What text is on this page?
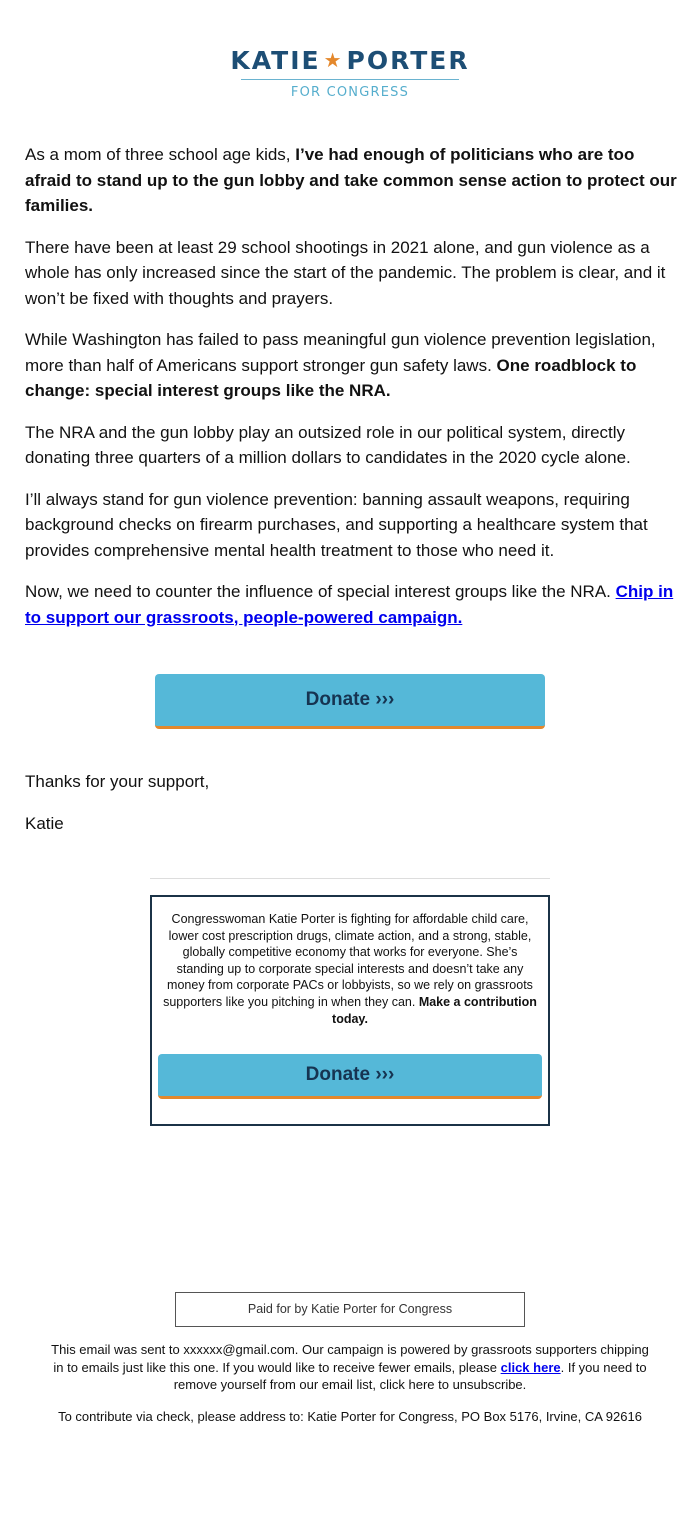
KATIE ★ PORTER
FOR CONGRESS

As a mom of three school age kids, I’ve had enough of politicians who are too afraid to stand up to the gun lobby and take common sense action to protect our families.

There have been at least 29 school shootings in 2021 alone, and gun violence as a whole has only increased since the start of the pandemic. The problem is clear, and it won’t be fixed with thoughts and prayers.

While Washington has failed to pass meaningful gun violence prevention legislation, more than half of Americans support stronger gun safety laws. One roadblock to change: special interest groups like the NRA.

The NRA and the gun lobby play an outsized role in our political system, directly donating three quarters of a million dollars to candidates in the 2020 cycle alone.

I’ll always stand for gun violence prevention: banning assault weapons, requiring background checks on firearm purchases, and supporting a healthcare system that provides comprehensive mental health treatment to those who need it.

Now, we need to counter the influence of special interest groups like the NRA. Chip in to support our grassroots, people-powered campaign.

Donate ›››
Thanks for your support,
Katie
Congresswoman Katie Porter is fighting for affordable child care, lower cost prescription drugs, climate action, and a strong, stable, globally competitive economy that works for everyone. She’s standing up to corporate special interests and doesn’t take any money from corporate PACs or lobbyists, so we rely on grassroots supporters like you pitching in when they can. Make a contribution today.
Donate ›››
Paid for by Katie Porter for Congress

This email was sent to xxxxxx@gmail.com. Our campaign is powered by grassroots supporters chipping in to emails just like this one. If you would like to receive fewer emails, please click here. If you need to remove yourself from our email list, click here to unsubscribe.

To contribute via check, please address to: Katie Porter for Congress, PO Box 5176, Irvine, CA 92616
